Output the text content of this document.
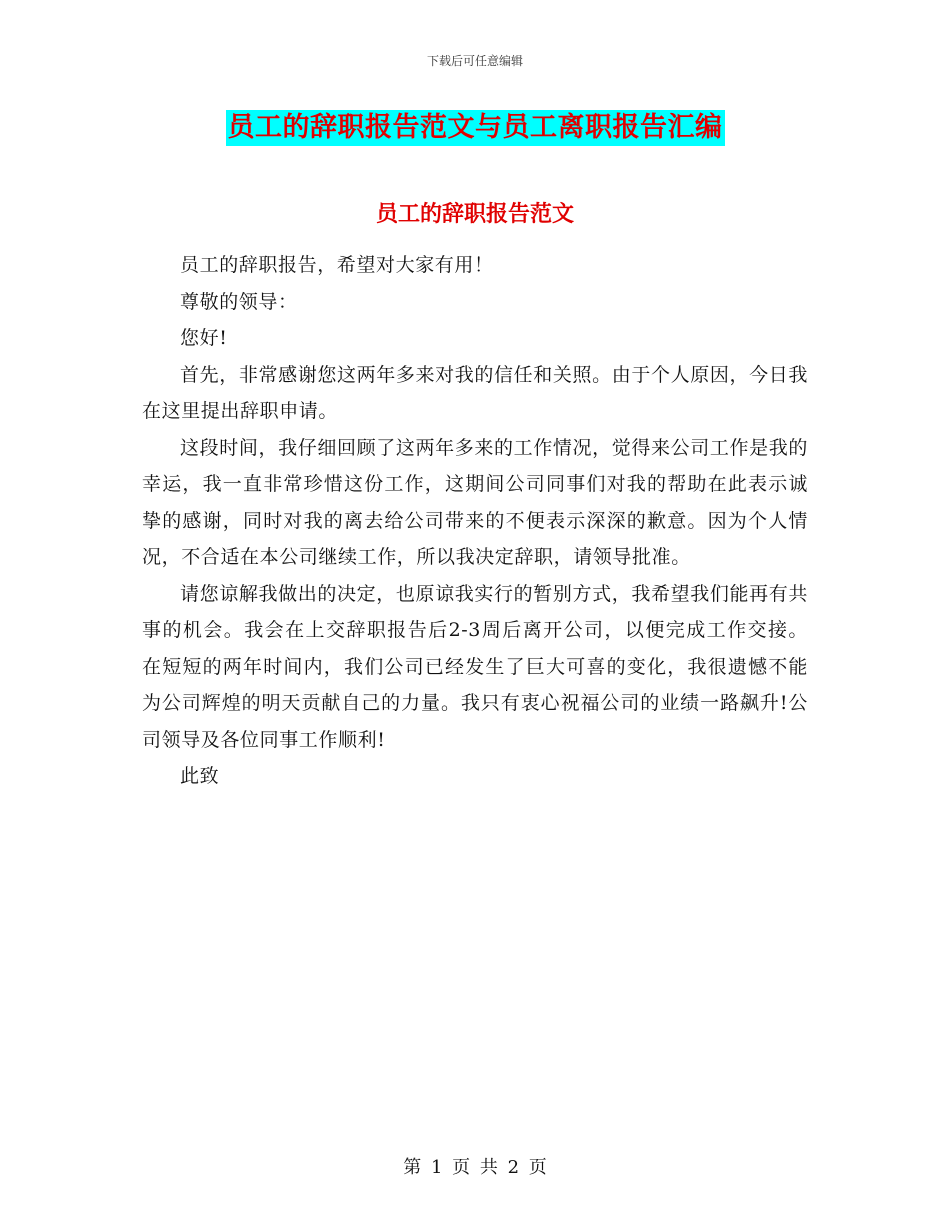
下载后可任意编辑
员工的辞职报告范文与员工离职报告汇编
员工的辞职报告范文

员工的辞职报告，希望对大家有用！

尊敬的领导：

您好!

首先，非常感谢您这两年多来对我的信任和关照。由于个人原因，今日我在这里提出辞职申请。

这段时间，我仔细回顾了这两年多来的工作情况，觉得来公司工作是我的幸运，我一直非常珍惜这份工作，这期间公司同事们对我的帮助在此表示诚挚的感谢，同时对我的离去给公司带来的不便表示深深的歉意。因为个人情况，不合适在本公司继续工作，所以我决定辞职，请领导批准。

请您谅解我做出的决定，也原谅我实行的暂别方式，我希望我们能再有共事的机会。我会在上交辞职报告后2-3周后离开公司，以便完成工作交接。 在短短的两年时间内，我们公司已经发生了巨大可喜的变化，我很遗憾不能为公司辉煌的明天贡献自己的力量。我只有衷心祝福公司的业绩一路飙升!公司领导及各位同事工作顺利!

此致

第 1 页 共 2 页
